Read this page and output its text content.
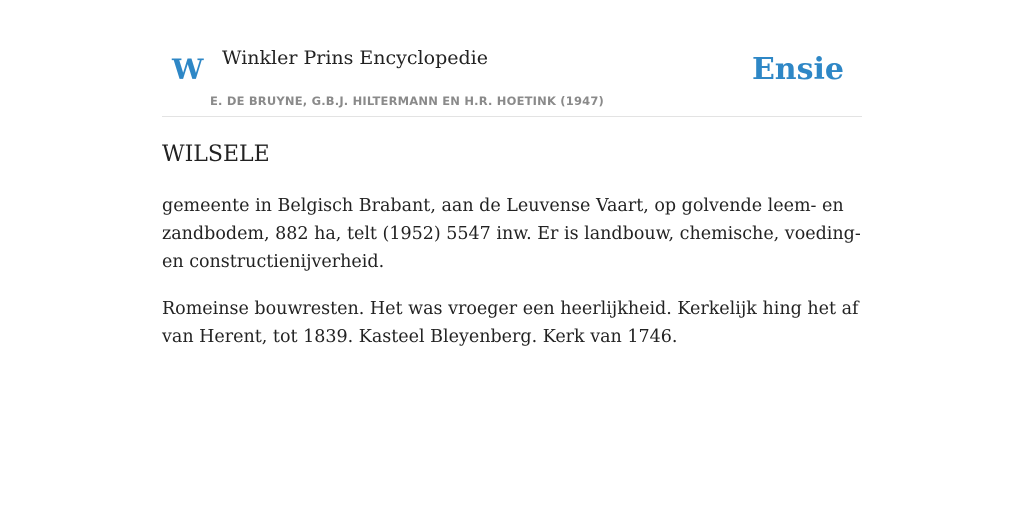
W Winkler Prins Encyclopedie
E. DE BRUYNE, G.B.J. HILTERMANN EN H.R. HOETINK (1947)
Ensie
WILSELE

gemeente in Belgisch Brabant, aan de Leuvense Vaart, op golvende leem- en zandbodem, 882 ha, telt (1952) 5547 inw. Er is landbouw, chemische, voeding- en constructienijverheid.

Romeinse bouwresten. Het was vroeger een heerlijkheid. Kerkelijk hing het af van Herent, tot 1839. Kasteel Bleyenberg. Kerk van 1746.
